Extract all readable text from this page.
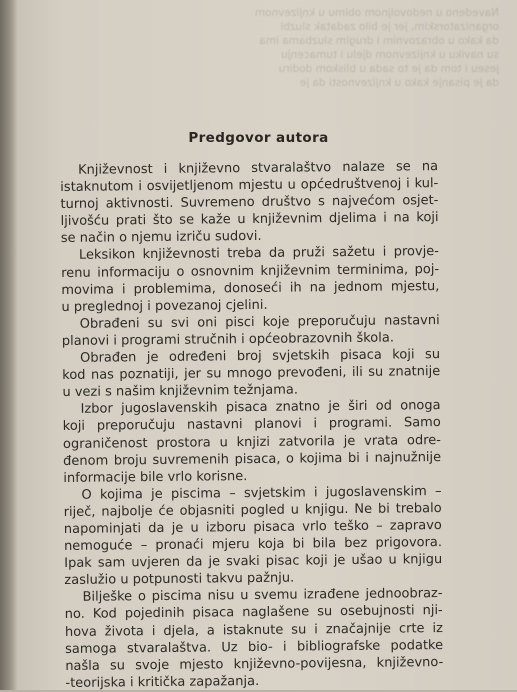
Navedeno u nedovoljnom obimu u knjizevnom
organizatorskim, jer je bilo zadatak sluzbi
da kako u obrazovnim i drugim sluzbama ima
su naviku u knjizevnom djelu i tumacenju
jeseu i tom da je to sada u bliskom dodiru
da je pisanje kako u knjizevnosti da je
Predgovor autora

Književnost i književno stvaralaštvo nalaze se na
istaknutom i osvijetljenom mjestu u općedruštvenoj i kul-
turnoj aktivnosti. Suvremeno društvo s najvećom osjet-
ljivošću prati što se kaže u književnim djelima i na koji
se način o njemu izriču sudovi.

Leksikon književnosti treba da pruži sažetu i provje-
renu informaciju o osnovnim književnim terminima, poj-
movima i problemima, donoseći ih na jednom mjestu,
u preglednoj i povezanoj cjelini.

Obrađeni su svi oni pisci koje preporučuju nastavni
planovi i programi stručnih i općeobrazovnih škola.

Obrađen je određeni broj svjetskih pisaca koji su
kod nas poznatiji, jer su mnogo prevođeni, ili su znatnije
u vezi s našim književnim težnjama.

Izbor jugoslavenskih pisaca znatno je širi od onoga
koji preporučuju nastavni planovi i programi. Samo
ograničenost prostora u knjizi zatvorila je vrata odre-
đenom broju suvremenih pisaca, o kojima bi i najnužnije
informacije bile vrlo korisne.

O kojima je piscima – svjetskim i jugoslavenskim –
riječ, najbolje će objasniti pogled u knjigu. Ne bi trebalo
napominjati da je u izboru pisaca vrlo teško – zapravo
nemoguće – pronaći mjeru koja bi bila bez prigovora.
Ipak sam uvjeren da je svaki pisac koji je ušao u knjigu
zaslužio u potpunosti takvu pažnju.

Bilješke o piscima nisu u svemu izrađene jednoobraz-
no. Kod pojedinih pisaca naglašene su osebujnosti nji-
hova života i djela, a istaknute su i značajnije crte iz
samoga stvaralaštva. Uz bio- i bibliografske podatke
našla su svoje mjesto književno-povijesna, književno-
-teorijska i kritička zapažanja.
